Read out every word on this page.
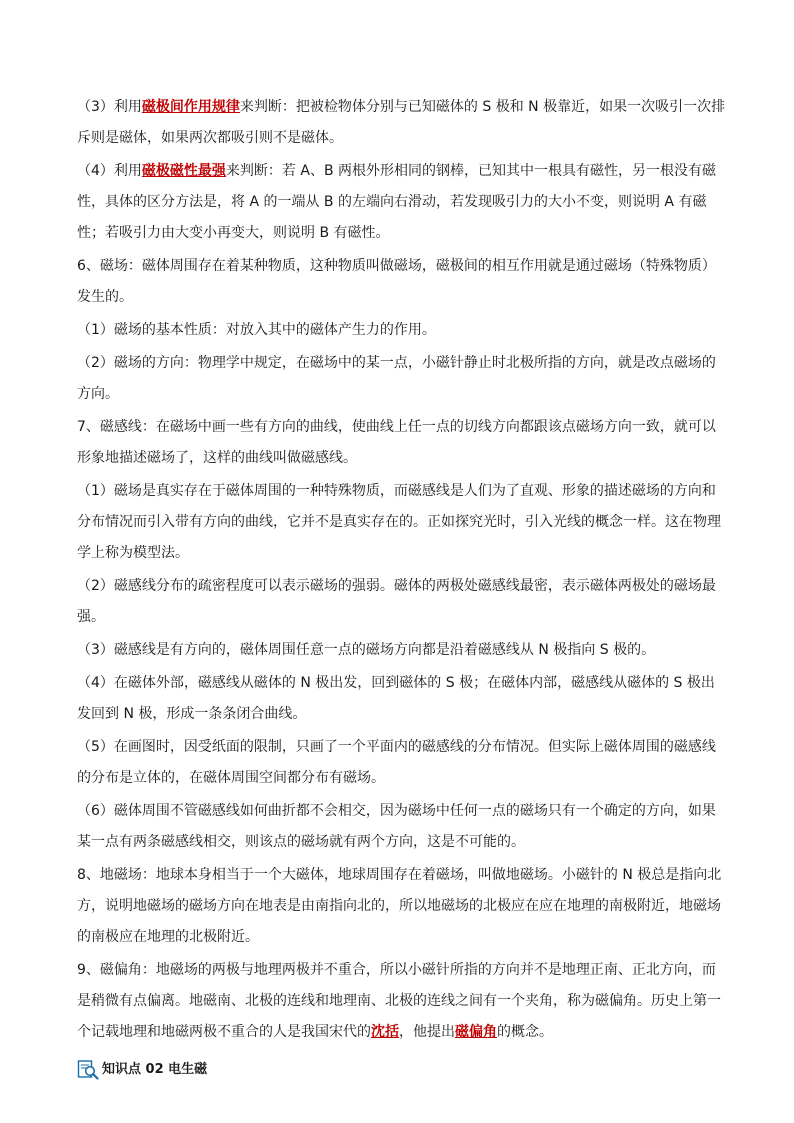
（3）利用磁极间作用规律来判断：把被检物体分别与已知磁体的 S 极和 N 极靠近，如果一次吸引一次排斥则是磁体，如果两次都吸引则不是磁体。

（4）利用磁极磁性最强来判断：若 A、B 两根外形相同的钢棒，已知其中一根具有磁性，另一根没有磁性，具体的区分方法是，将 A 的一端从 B 的左端向右滑动，若发现吸引力的大小不变，则说明 A 有磁性；若吸引力由大变小再变大，则说明 B 有磁性。

6、磁场：磁体周围存在着某种物质，这种物质叫做磁场，磁极间的相互作用就是通过磁场（特殊物质）发生的。

（1）磁场的基本性质：对放入其中的磁体产生力的作用。

（2）磁场的方向：物理学中规定，在磁场中的某一点，小磁针静止时北极所指的方向，就是改点磁场的方向。

7、磁感线：在磁场中画一些有方向的曲线，使曲线上任一点的切线方向都跟该点磁场方向一致，就可以形象地描述磁场了，这样的曲线叫做磁感线。

（1）磁场是真实存在于磁体周围的一种特殊物质，而磁感线是人们为了直观、形象的描述磁场的方向和分布情况而引入带有方向的曲线，它并不是真实存在的。正如探究光时，引入光线的概念一样。这在物理学上称为模型法。

（2）磁感线分布的疏密程度可以表示磁场的强弱。磁体的两极处磁感线最密，表示磁体两极处的磁场最强。

（3）磁感线是有方向的，磁体周围任意一点的磁场方向都是沿着磁感线从 N 极指向 S 极的。

（4）在磁体外部，磁感线从磁体的 N 极出发，回到磁体的 S 极；在磁体内部，磁感线从磁体的 S 极出发回到 N 极，形成一条条闭合曲线。

（5）在画图时，因受纸面的限制，只画了一个平面内的磁感线的分布情况。但实际上磁体周围的磁感线的分布是立体的，在磁体周围空间都分布有磁场。

（6）磁体周围不管磁感线如何曲折都不会相交，因为磁场中任何一点的磁场只有一个确定的方向，如果某一点有两条磁感线相交，则该点的磁场就有两个方向，这是不可能的。

8、地磁场：地球本身相当于一个大磁体，地球周围存在着磁场，叫做地磁场。小磁针的 N 极总是指向北方，说明地磁场的磁场方向在地表是由南指向北的，所以地磁场的北极应在应在地理的南极附近，地磁场的南极应在地理的北极附近。

9、磁偏角：地磁场的两极与地理两极并不重合，所以小磁针所指的方向并不是地理正南、正北方向，而是稍微有点偏离。地磁南、北极的连线和地理南、北极的连线之间有一个夹角，称为磁偏角。历史上第一个记载地理和地磁两极不重合的人是我国宋代的沈括，他提出磁偏角的概念。

知识点 02 电生磁
